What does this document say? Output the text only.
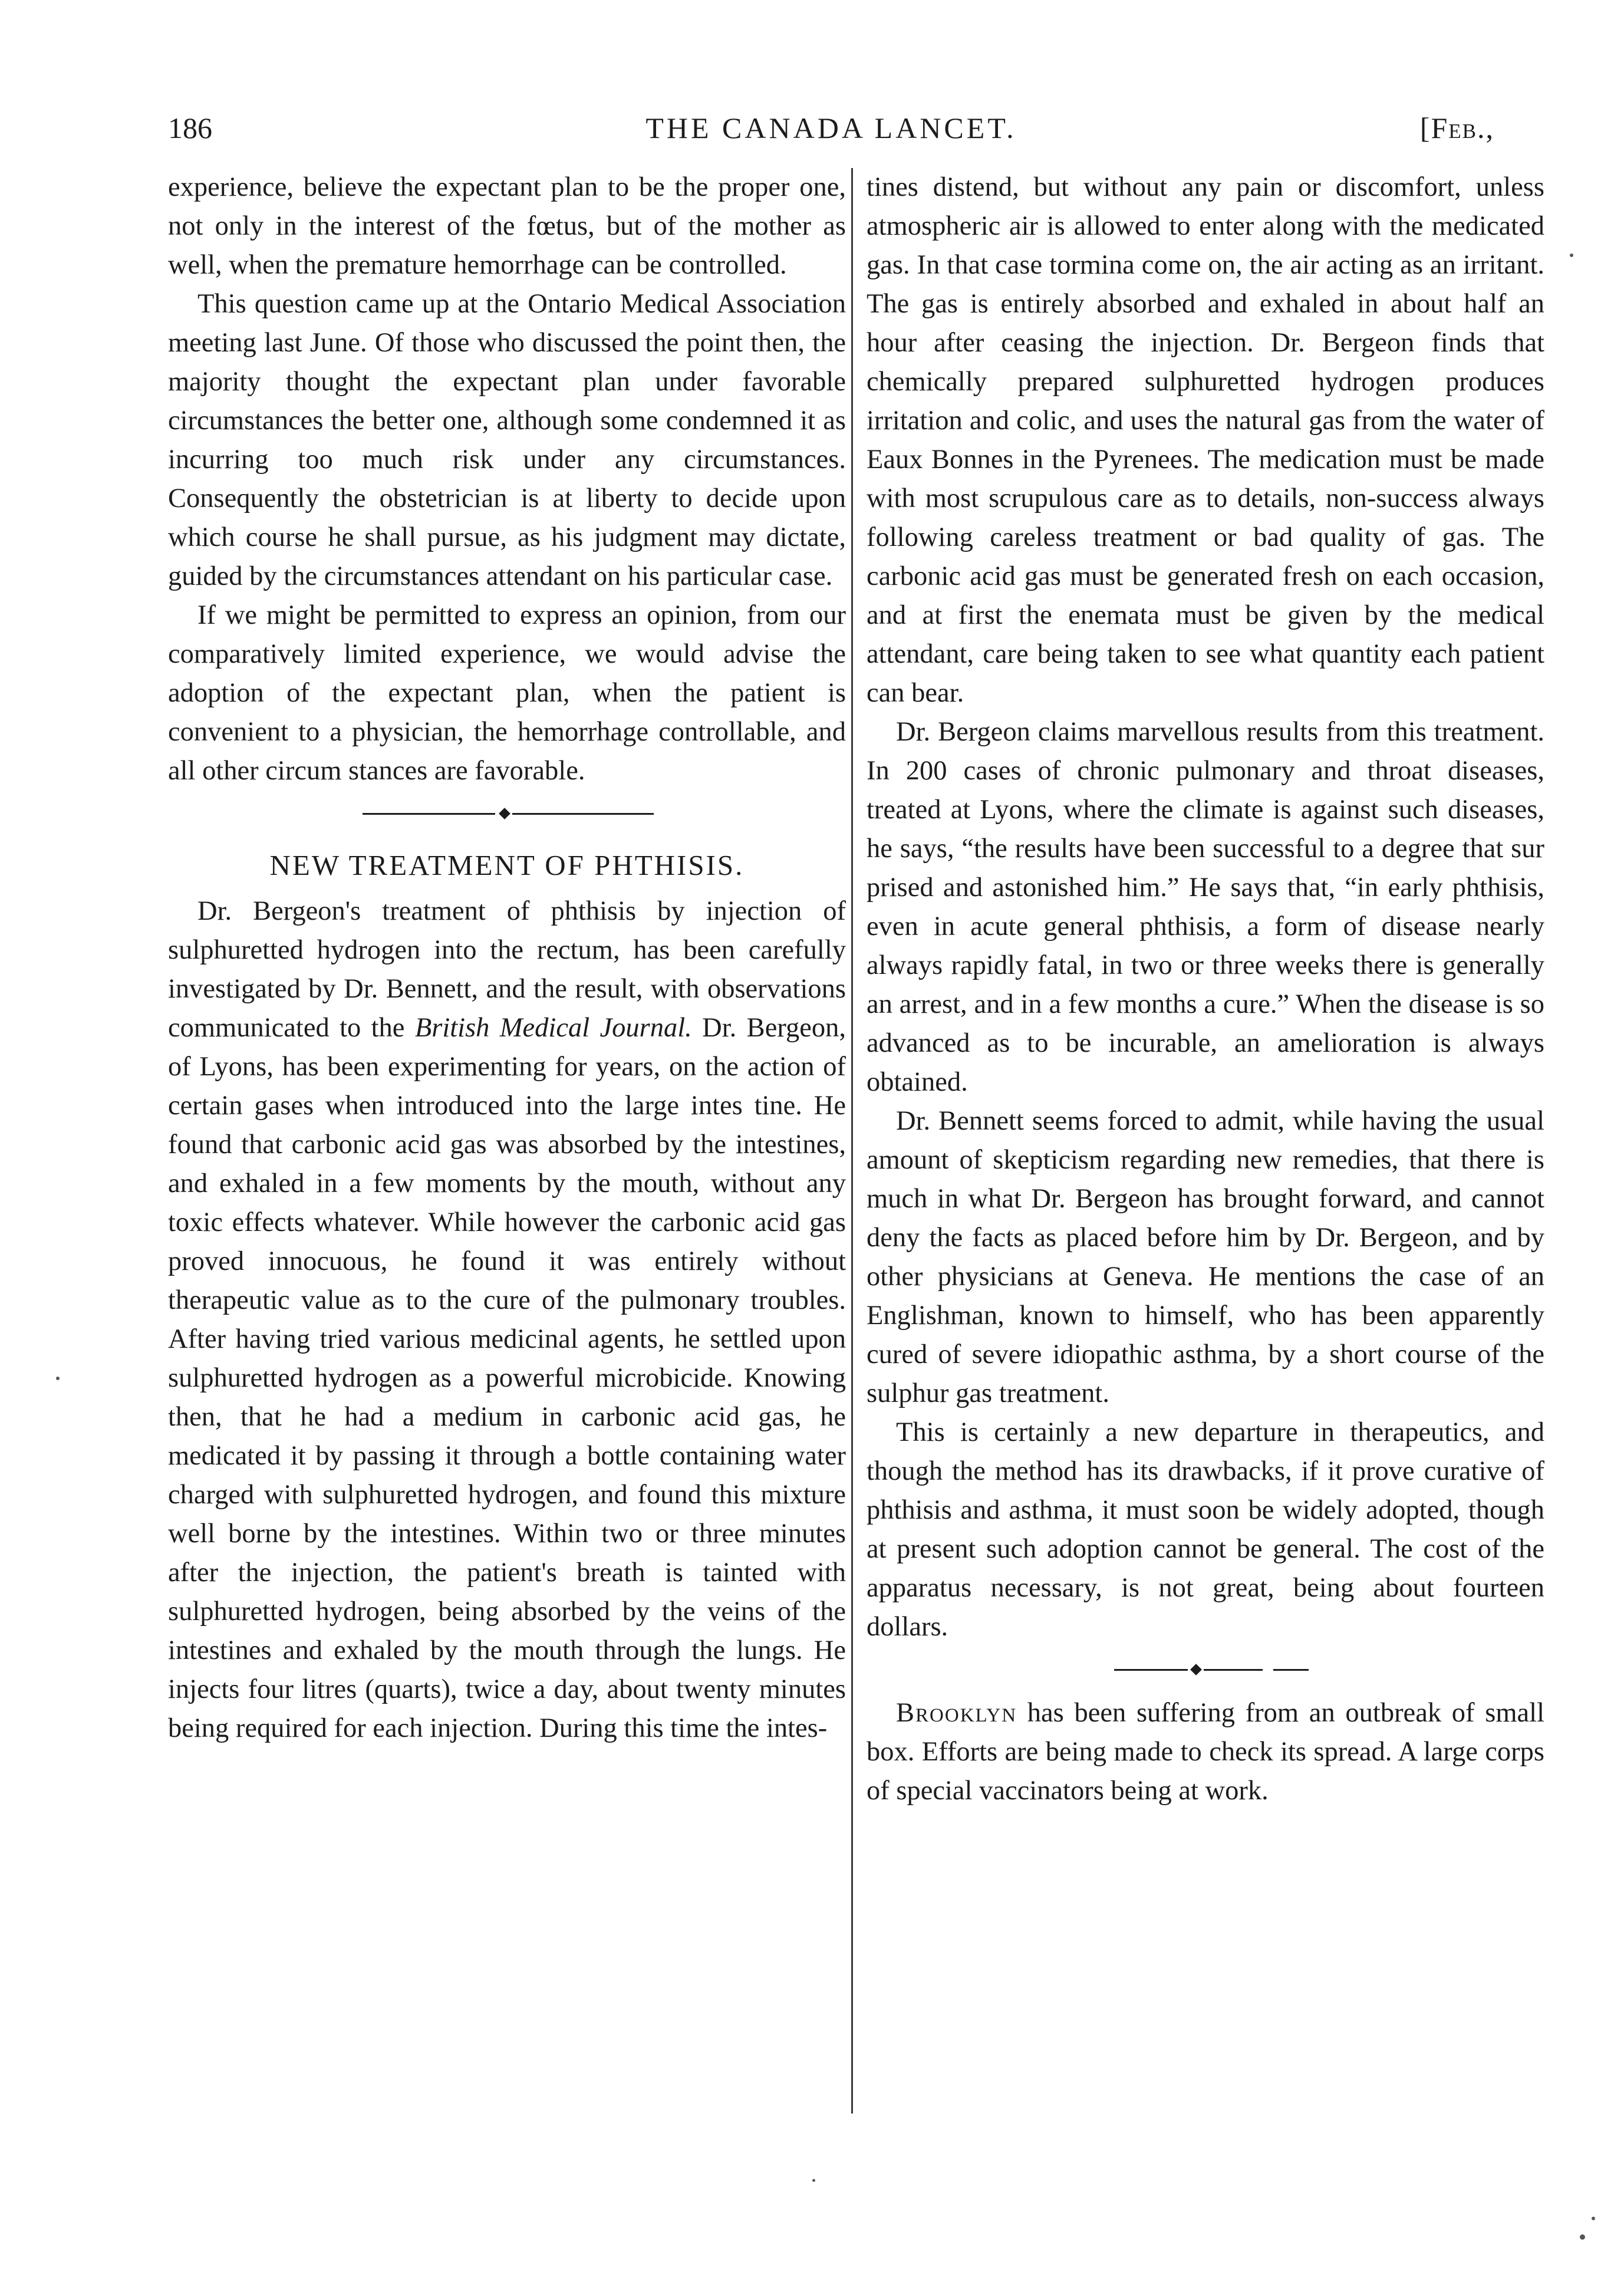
186	THE CANADA LANCET.	[Feb.,

experience, believe the expectant plan to be the proper one, not only in the interest of the fœtus, but of the mother as well, when the premature hemorrhage can be controlled.

This question came up at the Ontario Medical Association meeting last June. Of those who discussed the point then, the majority thought the expectant plan under favorable circumstances the better one, although some condemned it as incurring too much risk under any circumstances. Consequently the obstetrician is at liberty to decide upon which course he shall pursue, as his judgment may dictate, guided by the circumstances attendant on his particular case.

If we might be permitted to express an opinion, from our comparatively limited experience, we would advise the adoption of the expectant plan, when the patient is convenient to a physician, the hemorrhage controllable, and all other circum stances are favorable.

NEW TREATMENT OF PHTHISIS.

Dr. Bergeon's treatment of phthisis by injection of sulphuretted hydrogen into the rectum, has been carefully investigated by Dr. Bennett, and the result, with observations communicated to the British Medical Journal. Dr. Bergeon, of Lyons, has been experimenting for years, on the action of certain gases when introduced into the large intes tine. He found that carbonic acid gas was absorbed by the intestines, and exhaled in a few moments by the mouth, without any toxic effects whatever. While however the carbonic acid gas proved innocuous, he found it was entirely without therapeutic value as to the cure of the pulmonary troubles. After having tried various medicinal agents, he settled upon sulphuretted hydrogen as a powerful microbicide. Knowing then, that he had a medium in carbonic acid gas, he medicated it by passing it through a bottle containing water charged with sulphuretted hydrogen, and found this mixture well borne by the intestines. Within two or three minutes after the injection, the patient's breath is tainted with sulphuretted hydrogen, being absorbed by the veins of the intestines and exhaled by the mouth through the lungs. He injects four litres (quarts), twice a day, about twenty minutes being required for each injection. During this time the intes-

tines distend, but without any pain or discomfort, unless atmospheric air is allowed to enter along with the medicated gas. In that case tormina come on, the air acting as an irritant. The gas is entirely absorbed and exhaled in about half an hour after ceasing the injection. Dr. Bergeon finds that chemically prepared sulphuretted hydrogen produces irritation and colic, and uses the natural gas from the water of Eaux Bonnes in the Pyrenees. The medication must be made with most scrupulous care as to details, non-success always following careless treatment or bad quality of gas. The carbonic acid gas must be generated fresh on each occasion, and at first the enemata must be given by the medical attendant, care being taken to see what quantity each patient can bear.

Dr. Bergeon claims marvellous results from this treatment. In 200 cases of chronic pulmonary and throat diseases, treated at Lyons, where the climate is against such diseases, he says, “the results have been successful to a degree that sur prised and astonished him.” He says that, “in early phthisis, even in acute general phthisis, a form of disease nearly always rapidly fatal, in two or three weeks there is generally an arrest, and in a few months a cure.” When the disease is so advanced as to be incurable, an amelioration is always obtained.

Dr. Bennett seems forced to admit, while having the usual amount of skepticism regarding new remedies, that there is much in what Dr. Bergeon has brought forward, and cannot deny the facts as placed before him by Dr. Bergeon, and by other physicians at Geneva. He mentions the case of an Englishman, known to himself, who has been apparently cured of severe idiopathic asthma, by a short course of the sulphur gas treatment.

This is certainly a new departure in therapeutics, and though the method has its drawbacks, if it prove curative of phthisis and asthma, it must soon be widely adopted, though at present such adoption cannot be general. The cost of the apparatus necessary, is not great, being about fourteen dollars.

Brooklyn has been suffering from an outbreak of small box. Efforts are being made to check its spread. A large corps of special vaccinators being at work.
